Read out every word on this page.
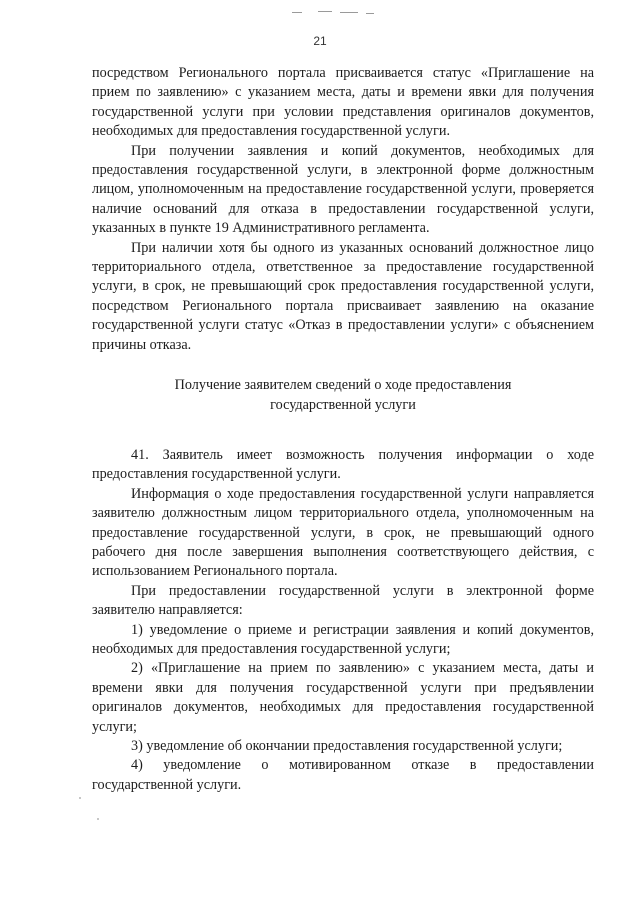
21

посредством Регионального портала присваивается статус «Приглашение на прием по заявлению» с указанием места, даты и времени явки для получения государственной услуги при условии представления оригиналов документов, необходимых для предоставления государственной услуги.

При получении заявления и копий документов, необходимых для предоставления государственной услуги, в электронной форме должностным лицом, уполномоченным на предоставление государственной услуги, проверяется наличие оснований для отказа в предоставлении государственной услуги, указанных в пункте 19 Административного регламента.

При наличии хотя бы одного из указанных оснований должностное лицо территориального отдела, ответственное за предоставление государственной услуги, в срок, не превышающий срок предоставления государственной услуги, посредством Регионального портала присваивает заявлению на оказание государственной услуги статус «Отказ в предоставлении услуги» с объяснением причины отказа.

Получение заявителем сведений о ходе предоставления
государственной услуги

41. Заявитель имеет возможность получения информации о ходе предоставления государственной услуги.

Информация о ходе предоставления государственной услуги направляется заявителю должностным лицом территориального отдела, уполномоченным на предоставление государственной услуги, в срок, не превышающий одного рабочего дня после завершения выполнения соответствующего действия, с использованием Регионального портала.

При предоставлении государственной услуги в электронной форме заявителю направляется:

1) уведомление о приеме и регистрации заявления и копий документов, необходимых для предоставления государственной услуги;

2) «Приглашение на прием по заявлению» с указанием места, даты и времени явки для получения государственной услуги при предъявлении оригиналов документов, необходимых для предоставления государственной услуги;

3) уведомление об окончании предоставления государственной услуги;

4) уведомление о мотивированном отказе в предоставлении государственной услуги.
